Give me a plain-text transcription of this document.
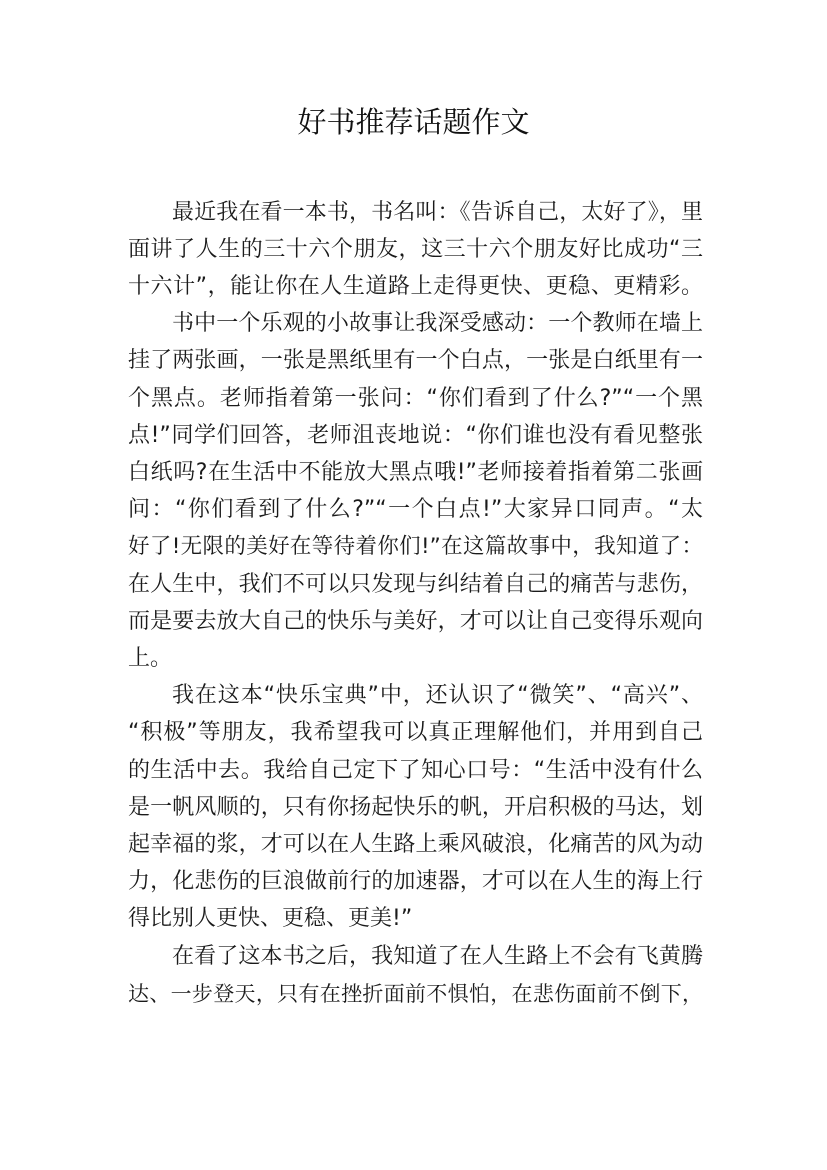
好书推荐话题作文

最近我在看一本书，书名叫：《告诉自己，太好了》，里

面讲了人生的三十六个朋友，这三十六个朋友好比成功“三

十六计”，能让你在人生道路上走得更快、更稳、更精彩。

书中一个乐观的小故事让我深受感动：一个教师在墙上

挂了两张画，一张是黑纸里有一个白点，一张是白纸里有一

个黑点。老师指着第一张问：“你们看到了什么?”“一个黑

点!”同学们回答，老师沮丧地说：“你们谁也没有看见整张

白纸吗?在生活中不能放大黑点哦!”老师接着指着第二张画

问：“你们看到了什么?”“一个白点!”大家异口同声。“太

好了!无限的美好在等待着你们!”在这篇故事中，我知道了：

在人生中，我们不可以只发现与纠结着自己的痛苦与悲伤，

而是要去放大自己的快乐与美好，才可以让自己变得乐观向

上。

我在这本“快乐宝典”中，还认识了“微笑”、“高兴”、

“积极”等朋友，我希望我可以真正理解他们，并用到自己

的生活中去。我给自己定下了知心口号：“生活中没有什么

是一帆风顺的，只有你扬起快乐的帆，开启积极的马达，划

起幸福的浆，才可以在人生路上乘风破浪，化痛苦的风为动

力，化悲伤的巨浪做前行的加速器，才可以在人生的海上行

得比别人更快、更稳、更美!”

在看了这本书之后，我知道了在人生路上不会有飞黄腾

达、一步登天，只有在挫折面前不惧怕，在悲伤面前不倒下，
